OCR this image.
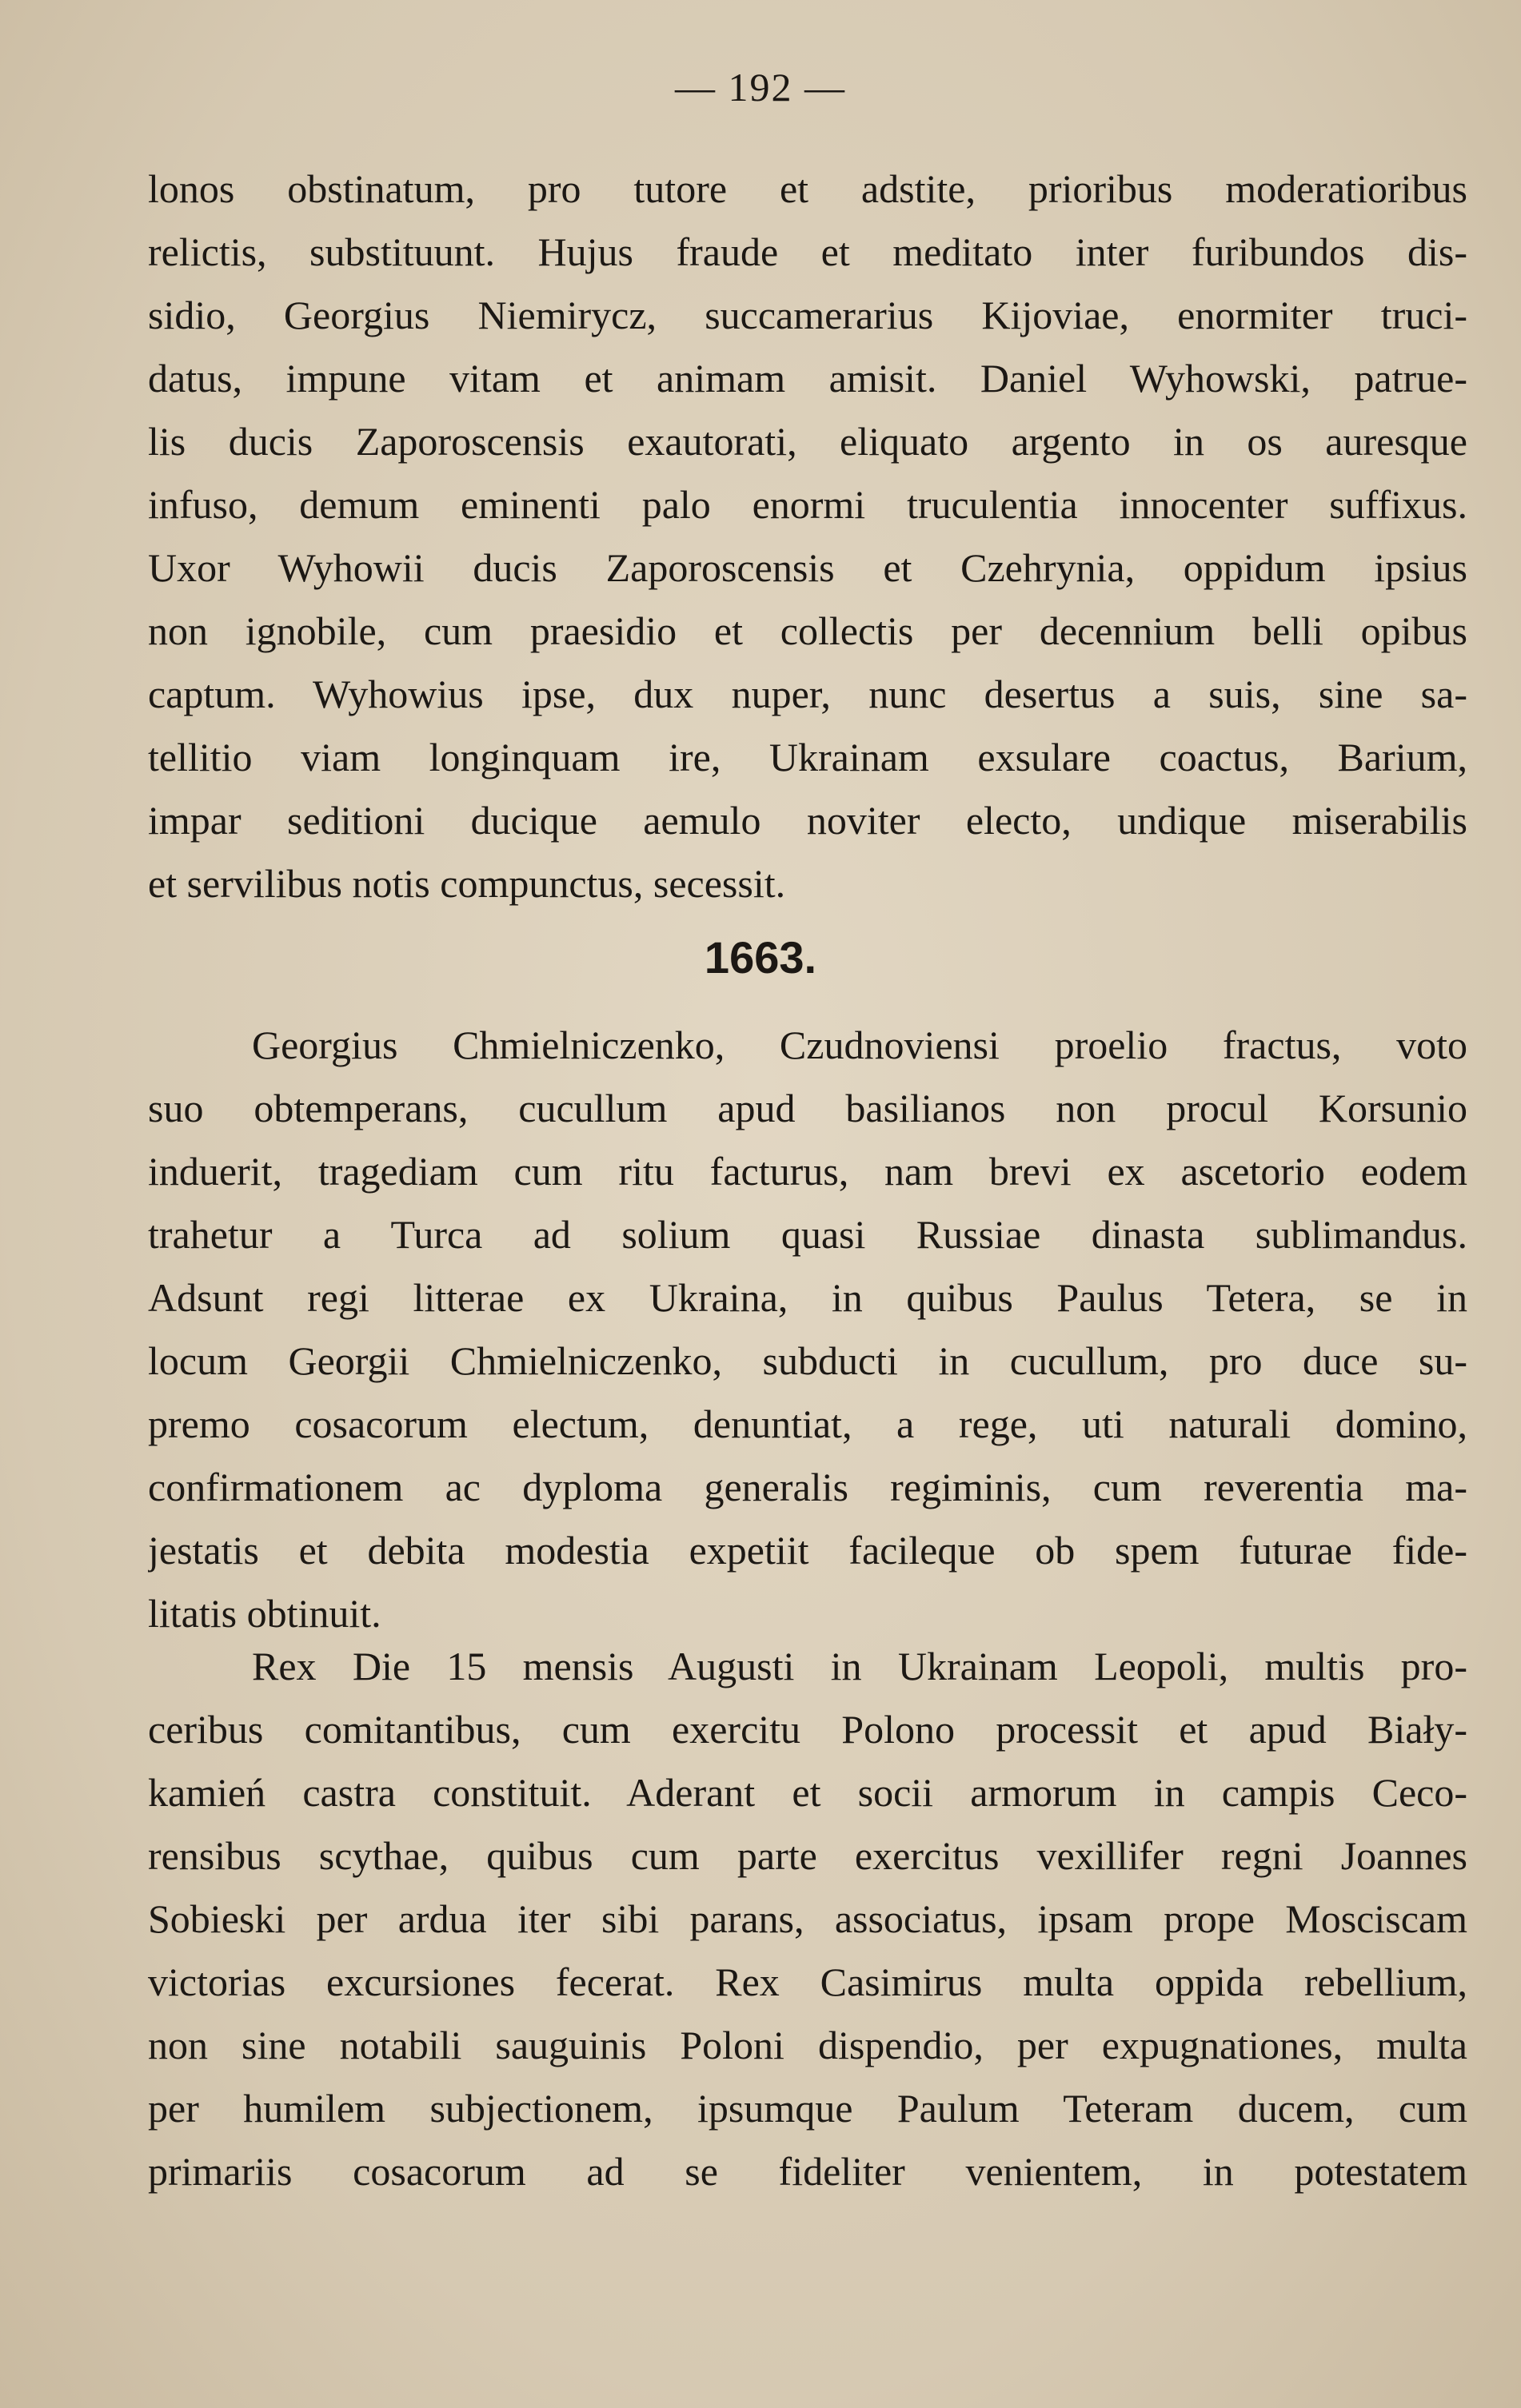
— 192 —
lonos obstinatum, pro tutore et adstite, prioribus moderatioribus
relictis, substituunt. Hujus fraude et meditato inter furibundos dis-
sidio, Georgius Niemirycz, succamerarius Kijoviae, enormiter truci-
datus, impune vitam et animam amisit. Daniel Wyhowski, patrue-
lis ducis Zaporoscensis exautorati, eliquato argento in os auresque
infuso, demum eminenti palo enormi truculentia innocenter suffixus.
Uxor Wyhowii ducis Zaporoscensis et Czehrynia, oppidum ipsius
non ignobile, cum praesidio et collectis per decennium belli opibus
captum. Wyhowius ipse, dux nuper, nunc desertus a suis, sine sa-
tellitio viam longinquam ire, Ukrainam exsulare coactus, Barium,
impar seditioni ducique aemulo noviter electo, undique miserabilis
et servilibus notis compunctus, secessit.
1663.
Georgius Chmielniczenko, Czudnoviensi proelio fractus, voto
suo obtemperans, cucullum apud basilianos non procul Korsunio
induerit, tragediam cum ritu facturus, nam brevi ex ascetorio eodem
trahetur a Turca ad solium quasi Russiae dinasta sublimandus.
Adsunt regi litterae ex Ukraina, in quibus Paulus Tetera, se in
locum Georgii Chmielniczenko, subducti in cucullum, pro duce su-
premo cosacorum electum, denuntiat, a rege, uti naturali domino,
confirmationem ac dyploma generalis regiminis, cum reverentia ma-
jestatis et debita modestia expetiit facileque ob spem futurae fide-
litatis obtinuit.
Rex Die 15 mensis Augusti in Ukrainam Leopoli, multis pro-
ceribus comitantibus, cum exercitu Polono processit et apud Biały-
kamień castra constituit. Aderant et socii armorum in campis Ceco-
rensibus scythae, quibus cum parte exercitus vexillifer regni Joannes
Sobieski per ardua iter sibi parans, associatus, ipsam prope Mosciscam
victorias excursiones fecerat. Rex Casimirus multa oppida rebellium,
non sine notabili sauguinis Poloni dispendio, per expugnationes, multa
per humilem subjectionem, ipsumque Paulum Teteram ducem, cum
primariis cosacorum ad se fideliter venientem, in potestatem
